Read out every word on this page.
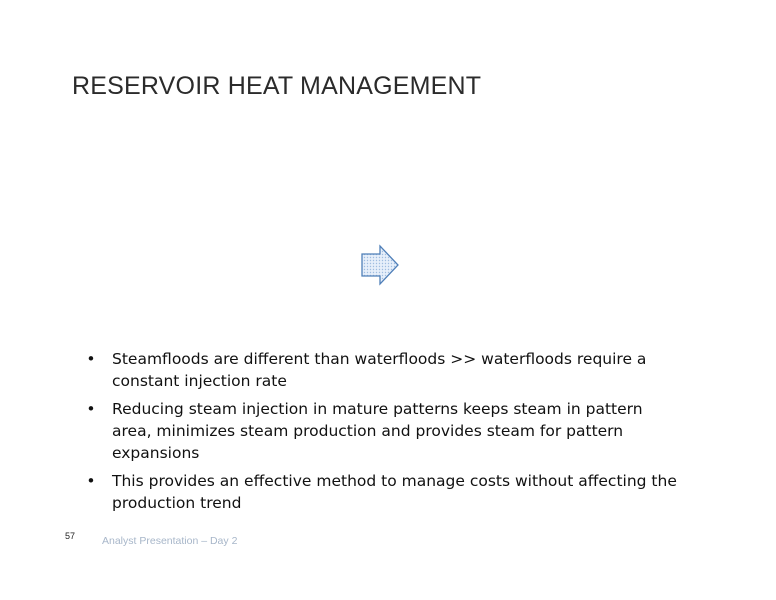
RESERVOIR HEAT MANAGEMENT
• Steamfloods are different than waterfloods >> waterfloods require a constant injection rate
• Reducing steam injection in mature patterns keeps steam in pattern area, minimizes steam production and provides steam for pattern expansions
• This provides an effective method to manage costs without affecting the production trend
57	Analyst Presentation – Day 2
